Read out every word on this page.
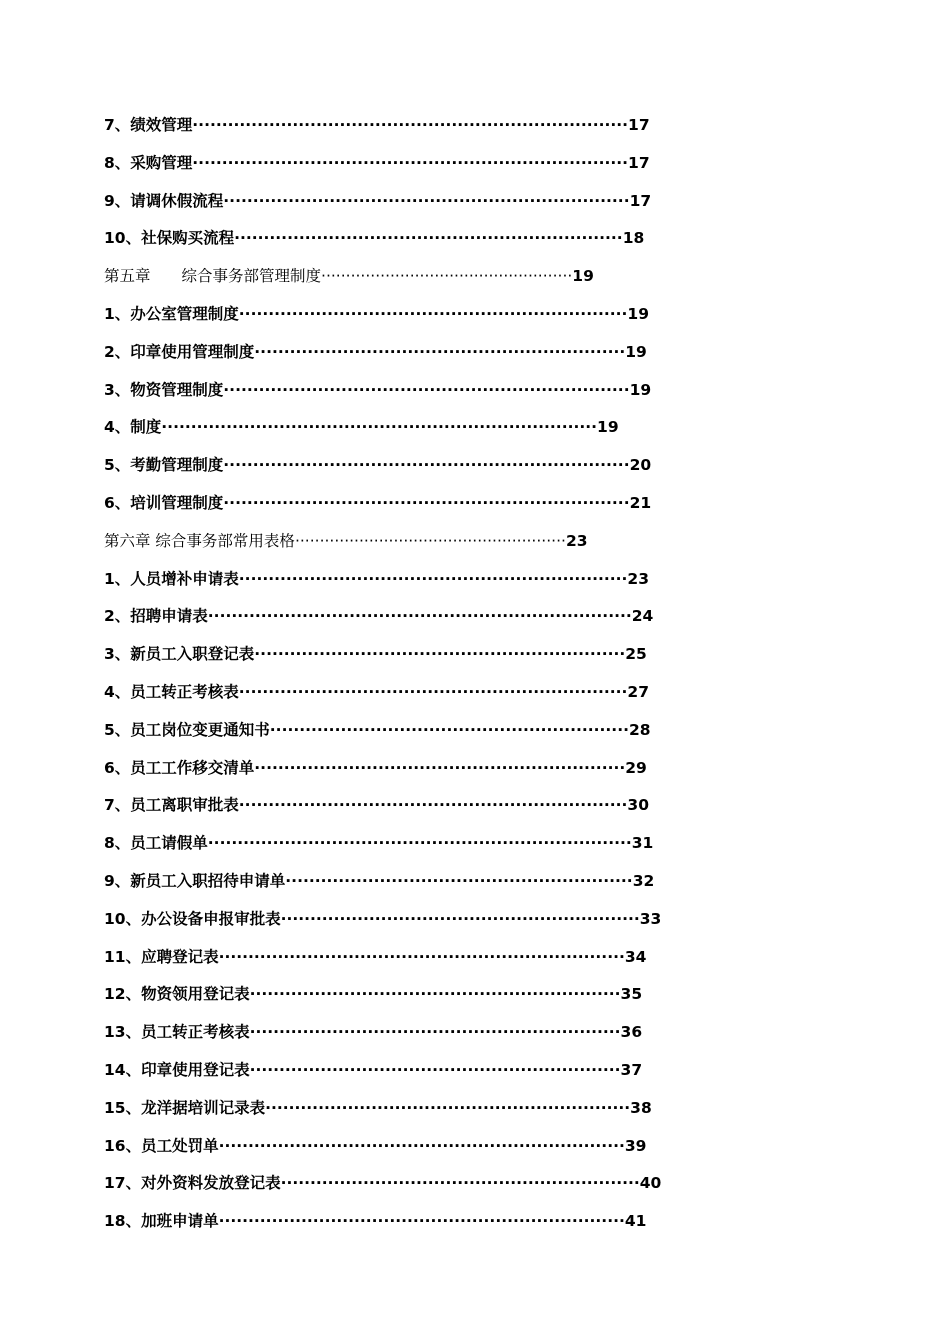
7、绩效管理··········································································17
8、采购管理··········································································17
9、请调休假流程·····································································17
10、社保购买流程··································································18
第五章　　综合事务部管理制度···················································19
1、办公室管理制度··································································19
2、印章使用管理制度·······························································19
3、物资管理制度·····································································19
4、制度··········································································19
5、考勤管理制度·····································································20
6、培训管理制度·····································································21
第六章 综合事务部常用表格·······················································23
1、人员增补申请表··································································23
2、招聘申请表········································································24
3、新员工入职登记表·······························································25
4、员工转正考核表··································································27
5、员工岗位变更通知书·····························································28
6、员工工作移交清单·······························································29
7、员工离职审批表··································································30
8、员工请假单········································································31
9、新员工入职招待申请单···························································32
10、办公设备申报审批表·····························································33
11、应聘登记表·····································································34
12、物资领用登记表·······························································35
13、员工转正考核表·······························································36
14、印章使用登记表·······························································37
15、龙洋据培训记录表······························································38
16、员工处罚单·····································································39
17、对外资料发放登记表·····························································40
18、加班申请单·····································································41
